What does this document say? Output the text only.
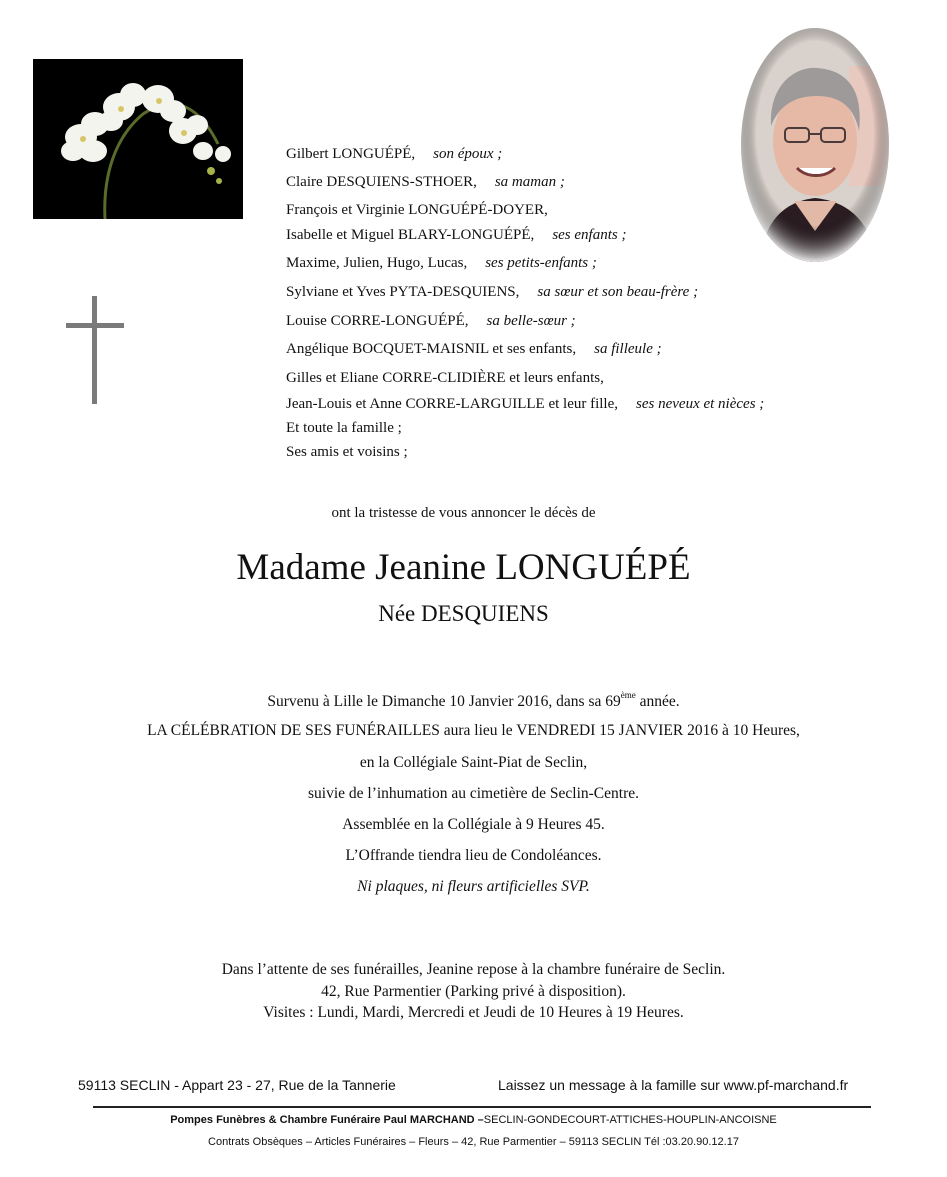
Gilbert LONGUÉPÉ, son époux ;
Claire DESQUIENS-STHOER, sa maman ;
François et Virginie LONGUÉPÉ-DOYER,
Isabelle et Miguel BLARY-LONGUÉPÉ, ses enfants ;
Maxime, Julien, Hugo, Lucas, ses petits-enfants ;
Sylviane et Yves PYTA-DESQUIENS, sa sœur et son beau-frère ;
Louise CORRE-LONGUÉPÉ, sa belle-sœur ;
Angélique BOCQUET-MAISNIL et ses enfants, sa filleule ;
Gilles et Eliane CORRE-CLIDIÈRE et leurs enfants,
Jean-Louis et Anne CORRE-LARGUILLE et leur fille, ses neveux et nièces ;
Et toute la famille ;
Ses amis et voisins ;
ont la tristesse de vous annoncer le décès de
Madame Jeanine LONGUÉPÉ
Née DESQUIENS
Survenu à Lille le Dimanche 10 Janvier 2016, dans sa 69ème année.
LA CÉLÉBRATION DE SES FUNÉRAILLES aura lieu le VENDREDI 15 JANVIER 2016 à 10 Heures,
en la Collégiale Saint-Piat de Seclin,
suivie de l’inhumation au cimetière de Seclin-Centre.
Assemblée en la Collégiale à 9 Heures 45.
L’Offrande tiendra lieu de Condoléances.
Ni plaques, ni fleurs artificielles SVP.
Dans l’attente de ses funérailles, Jeanine repose à la chambre funéraire de Seclin.
42, Rue Parmentier (Parking privé à disposition).
Visites : Lundi, Mardi, Mercredi et Jeudi de 10 Heures à 19 Heures.
59113 SECLIN - Appart 23 - 27, Rue de la Tannerie	Laissez un message à la famille sur www.pf-marchand.fr
Pompes Funèbres & Chambre Funéraire Paul MARCHAND –SECLIN-GONDECOURT-ATTICHES-HOUPLIN-ANCOISNE
Contrats Obsèques – Articles Funéraires – Fleurs – 42, Rue Parmentier – 59113 SECLIN Tél :03.20.90.12.17
